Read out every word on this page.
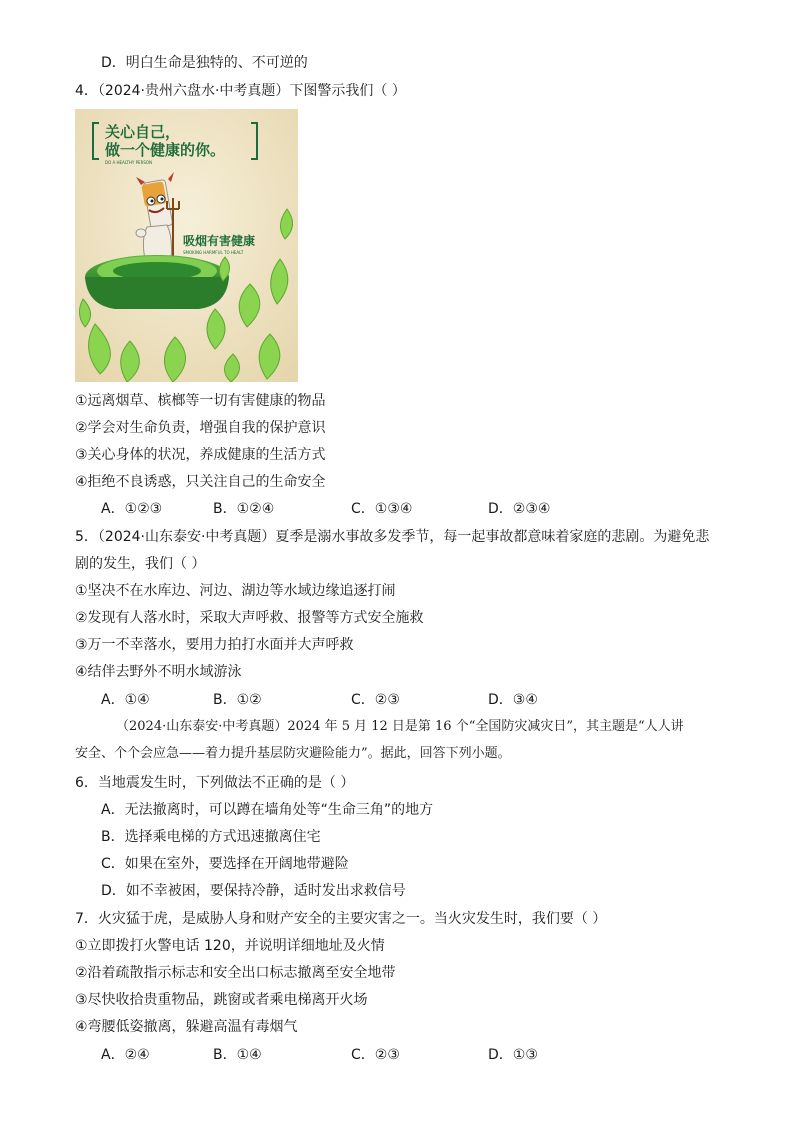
D．明白生命是独特的、不可逆的
4．（2024·贵州六盘水·中考真题）下图警示我们（ ）
关心自己，
做一个健康的你。
DO A HEALTHY PERSON
吸烟有害健康
SMOKING HARMFUL TO HEALT
①远离烟草、槟榔等一切有害健康的物品
②学会对生命负责，增强自我的保护意识
③关心身体的状况，养成健康的生活方式
④拒绝不良诱惑，只关注自己的生命安全
A．①②③	B．①②④	C．①③④	D．②③④
5．（2024·山东泰安·中考真题）夏季是溺水事故多发季节，每一起事故都意味着家庭的悲剧。为避免悲
剧的发生，我们（ ）
①坚决不在水库边、河边、湖边等水域边缘追逐打闹
②发现有人落水时，采取大声呼救、报警等方式安全施救
③万一不幸落水，要用力拍打水面并大声呼救
④结伴去野外不明水域游泳
A．①④	B．①②	C．②③	D．③④
（2024·山东泰安·中考真题）2024 年 5 月 12 日是第 16 个“全国防灾减灾日”，其主题是“人人讲
安全、个个会应急——着力提升基层防灾避险能力”。据此，回答下列小题。
6．当地震发生时，下列做法不正确的是（ ）
A．无法撤离时，可以蹲在墙角处等“生命三角”的地方
B．选择乘电梯的方式迅速撤离住宅
C．如果在室外，要选择在开阔地带避险
D．如不幸被困，要保持冷静，适时发出求救信号
7．火灾猛于虎，是威胁人身和财产安全的主要灾害之一。当火灾发生时，我们要（ ）
①立即拨打火警电话 120，并说明详细地址及火情
②沿着疏散指示标志和安全出口标志撤离至安全地带
③尽快收拾贵重物品，跳窗或者乘电梯离开火场
④弯腰低姿撤离，躲避高温有毒烟气
A．②④	B．①④	C．②③	D．①③
